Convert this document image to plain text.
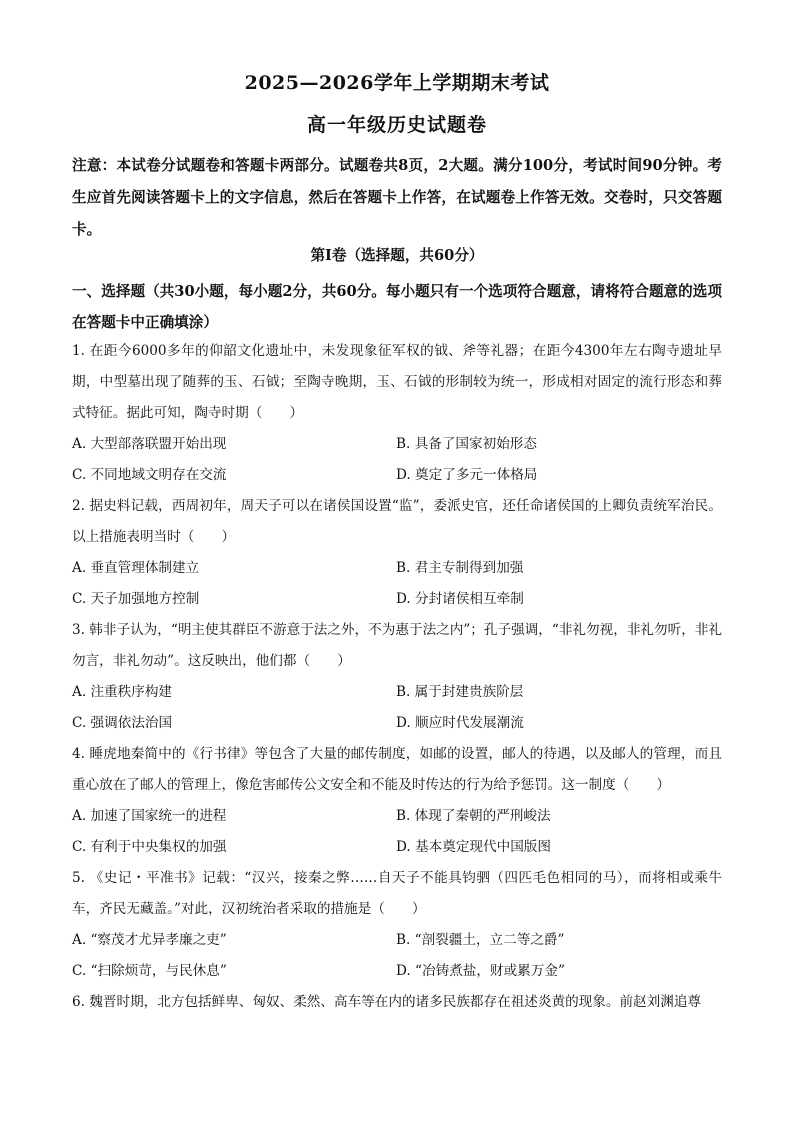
2025—2026学年上学期期末考试
高一年级历史试题卷
注意：本试卷分试题卷和答题卡两部分。试题卷共8页，2大题。满分100分，考试时间90分钟。考生应首先阅读答题卡上的文字信息，然后在答题卡上作答，在试题卷上作答无效。交卷时，只交答题卡。
第Ⅰ卷（选择题，共60分）
一、选择题（共30小题，每小题2分，共60分。每小题只有一个选项符合题意，请将符合题意的选项在答题卡中正确填涂）
1. 在距今6000多年的仰韶文化遗址中，未发现象征军权的钺、斧等礼器；在距今4300年左右陶寺遗址早期，中型墓出现了随葬的玉、石钺；至陶寺晚期，玉、石钺的形制较为统一，形成相对固定的流行形态和葬式特征。据此可知，陶寺时期（　　）
A. 大型部落联盟开始出现	B. 具备了国家初始形态
C. 不同地域文明存在交流	D. 奠定了多元一体格局
2. 据史料记载，西周初年，周天子可以在诸侯国设置“监”，委派史官，还任命诸侯国的上卿负责统军治民。以上措施表明当时（　　）
A. 垂直管理体制建立	B. 君主专制得到加强
C. 天子加强地方控制	D. 分封诸侯相互牵制
3. 韩非子认为，“明主使其群臣不游意于法之外，不为惠于法之内”；孔子强调，“非礼勿视，非礼勿听，非礼勿言，非礼勿动”。这反映出，他们都（　　）
A. 注重秩序构建	B. 属于封建贵族阶层
C. 强调依法治国	D. 顺应时代发展潮流
4. 睡虎地秦简中的《行书律》等包含了大量的邮传制度，如邮的设置，邮人的待遇，以及邮人的管理，而且重心放在了邮人的管理上，像危害邮传公文安全和不能及时传达的行为给予惩罚。这一制度（　　）
A. 加速了国家统一的进程	B. 体现了秦朝的严刑峻法
C. 有利于中央集权的加强	D. 基本奠定现代中国版图
5. 《史记・平准书》记载：“汉兴，接秦之弊……自天子不能具钧驷（四匹毛色相同的马），而将相或乘牛车，齐民无藏盖。”对此，汉初统治者采取的措施是（　　）
A. “察茂才尤异孝廉之吏”	B. “剖裂疆土，立二等之爵”
C. “扫除烦苛，与民休息”	D. “冶铸煮盐，财或累万金”
6. 魏晋时期，北方包括鲜卑、匈奴、柔然、高车等在内的诸多民族都存在祖述炎黄的现象。前赵刘渊追尊
